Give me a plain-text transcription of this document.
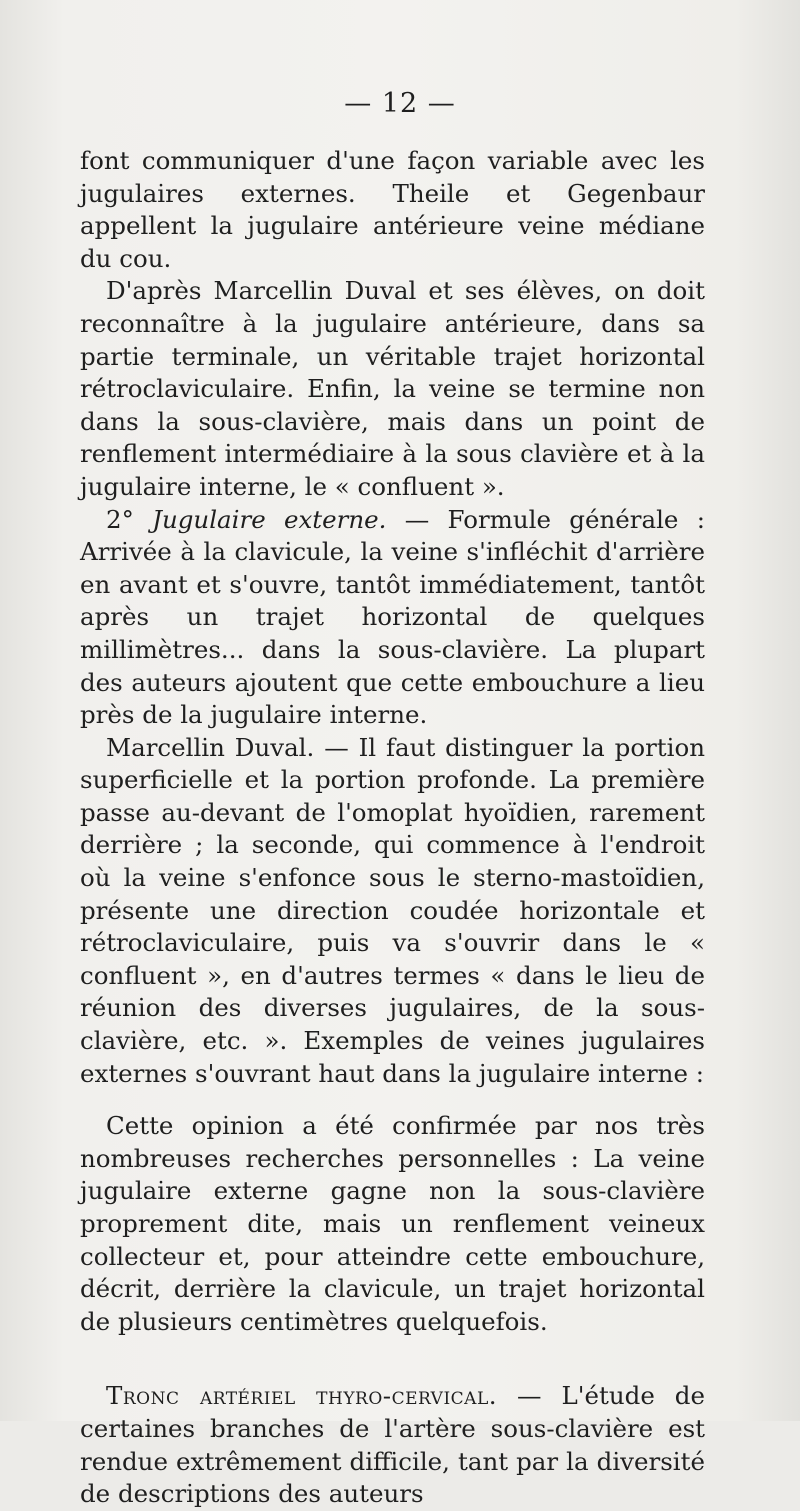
— 12 —

font communiquer d'une façon variable avec les jugulaires externes. Theile et Gegenbaur appellent la jugulaire antérieure veine médiane du cou.

D'après Marcellin Duval et ses élèves, on doit reconnaître à la jugulaire antérieure, dans sa partie terminale, un véritable trajet horizontal rétroclaviculaire. Enfin, la veine se termine non dans la sous-clavière, mais dans un point de renflement intermédiaire à la sous clavière et à la jugulaire interne, le « confluent ».

2° Jugulaire externe. — Formule générale : Arrivée à la clavicule, la veine s'infléchit d'arrière en avant et s'ouvre, tantôt immédiatement, tantôt après un trajet horizontal de quelques millimètres... dans la sous-clavière. La plupart des auteurs ajoutent que cette embouchure a lieu près de la jugulaire interne.

Marcellin Duval. — Il faut distinguer la portion superficielle et la portion profonde. La première passe au-devant de l'omoplat hyoïdien, rarement derrière ; la seconde, qui commence à l'endroit où la veine s'enfonce sous le sterno-mastoïdien, présente une direction coudée horizontale et rétroclaviculaire, puis va s'ouvrir dans le « confluent », en d'autres termes « dans le lieu de réunion des diverses jugulaires, de la sous-clavière, etc. ». Exemples de veines jugulaires externes s'ouvrant haut dans la jugulaire interne :

Cette opinion a été confirmée par nos très nombreuses recherches personnelles : La veine jugulaire externe gagne non la sous-clavière proprement dite, mais un renflement veineux collecteur et, pour atteindre cette embouchure, décrit, derrière la clavicule, un trajet horizontal de plusieurs centimètres quelquefois.

Tronc artériel thyro-cervical. — L'étude de certaines branches de l'artère sous-clavière est rendue extrêmement difficile, tant par la diversité de descriptions des auteurs
